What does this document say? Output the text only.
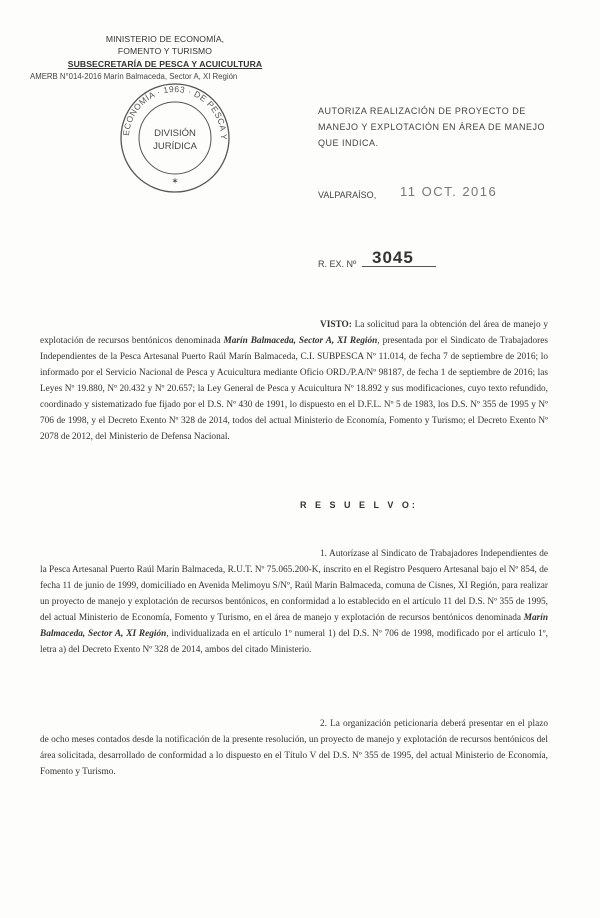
MINISTERIO DE ECONOMÍA,
FOMENTO Y TURISMO
SUBSECRETARÍA DE PESCA Y ACUICULTURA
AMERB N°014-2016 Marín Balmaceda, Sector A, XI Región
ECONOMÍA · 1963 · DE PESCA Y
DIVISIÓN
JURÍDICA
✶
AUTORIZA REALIZACIÓN DE PROYECTO DE MANEJO Y EXPLOTACIÓN EN ÁREA DE MANEJO QUE INDICA.
VALPARAÍSO, 11 OCT. 2016
R. EX. Nº 3045
VISTO: La solicitud para la obtención del área de manejo y explotación de recursos bentónicos denominada Marín Balmaceda, Sector A, XI Región, presentada por el Sindicato de Trabajadores Independientes de la Pesca Artesanal Puerto Raúl Marín Balmaceda, C.I. SUBPESCA Nº 11.014, de fecha 7 de septiembre de 2016; lo informado por el Servicio Nacional de Pesca y Acuicultura mediante Oficio ORD./P.A/Nº 98187, de fecha 1 de septiembre de 2016; las Leyes Nº 19.880, Nº 20.432 y Nº 20.657; la Ley General de Pesca y Acuicultura Nº 18.892 y sus modificaciones, cuyo texto refundido, coordinado y sistematizado fue fijado por el D.S. Nº 430 de 1991, lo dispuesto en el D.F.L. Nº 5 de 1983, los D.S. Nº 355 de 1995 y Nº 706 de 1998, y el Decreto Exento Nº 328 de 2014, todos del actual Ministerio de Economía, Fomento y Turismo; el Decreto Exento Nº 2078 de 2012, del Ministerio de Defensa Nacional.
R E S U E L V O:
1. Autorízase al Sindicato de Trabajadores Independientes de la Pesca Artesanal Puerto Raúl Marín Balmaceda, R.U.T. Nº 75.065.200-K, inscrito en el Registro Pesquero Artesanal bajo el Nº 854, de fecha 11 de junio de 1999, domiciliado en Avenida Melimoyu S/Nº, Raúl Marín Balmaceda, comuna de Cisnes, XI Región, para realizar un proyecto de manejo y explotación de recursos bentónicos, en conformidad a lo establecido en el artículo 11 del D.S. Nº 355 de 1995, del actual Ministerio de Economía, Fomento y Turismo, en el área de manejo y explotación de recursos bentónicos denominada Marín Balmaceda, Sector A, XI Región, individualizada en el artículo 1º numeral 1) del D.S. Nº 706 de 1998, modificado por el artículo 1º, letra a) del Decreto Exento Nº 328 de 2014, ambos del citado Ministerio.
2. La organización peticionaria deberá presentar en el plazo de ocho meses contados desde la notificación de la presente resolución, un proyecto de manejo y explotación de recursos bentónicos del área solicitada, desarrollado de conformidad a lo dispuesto en el Título V del D.S. Nº 355 de 1995, del actual Ministerio de Economía, Fomento y Turismo.
